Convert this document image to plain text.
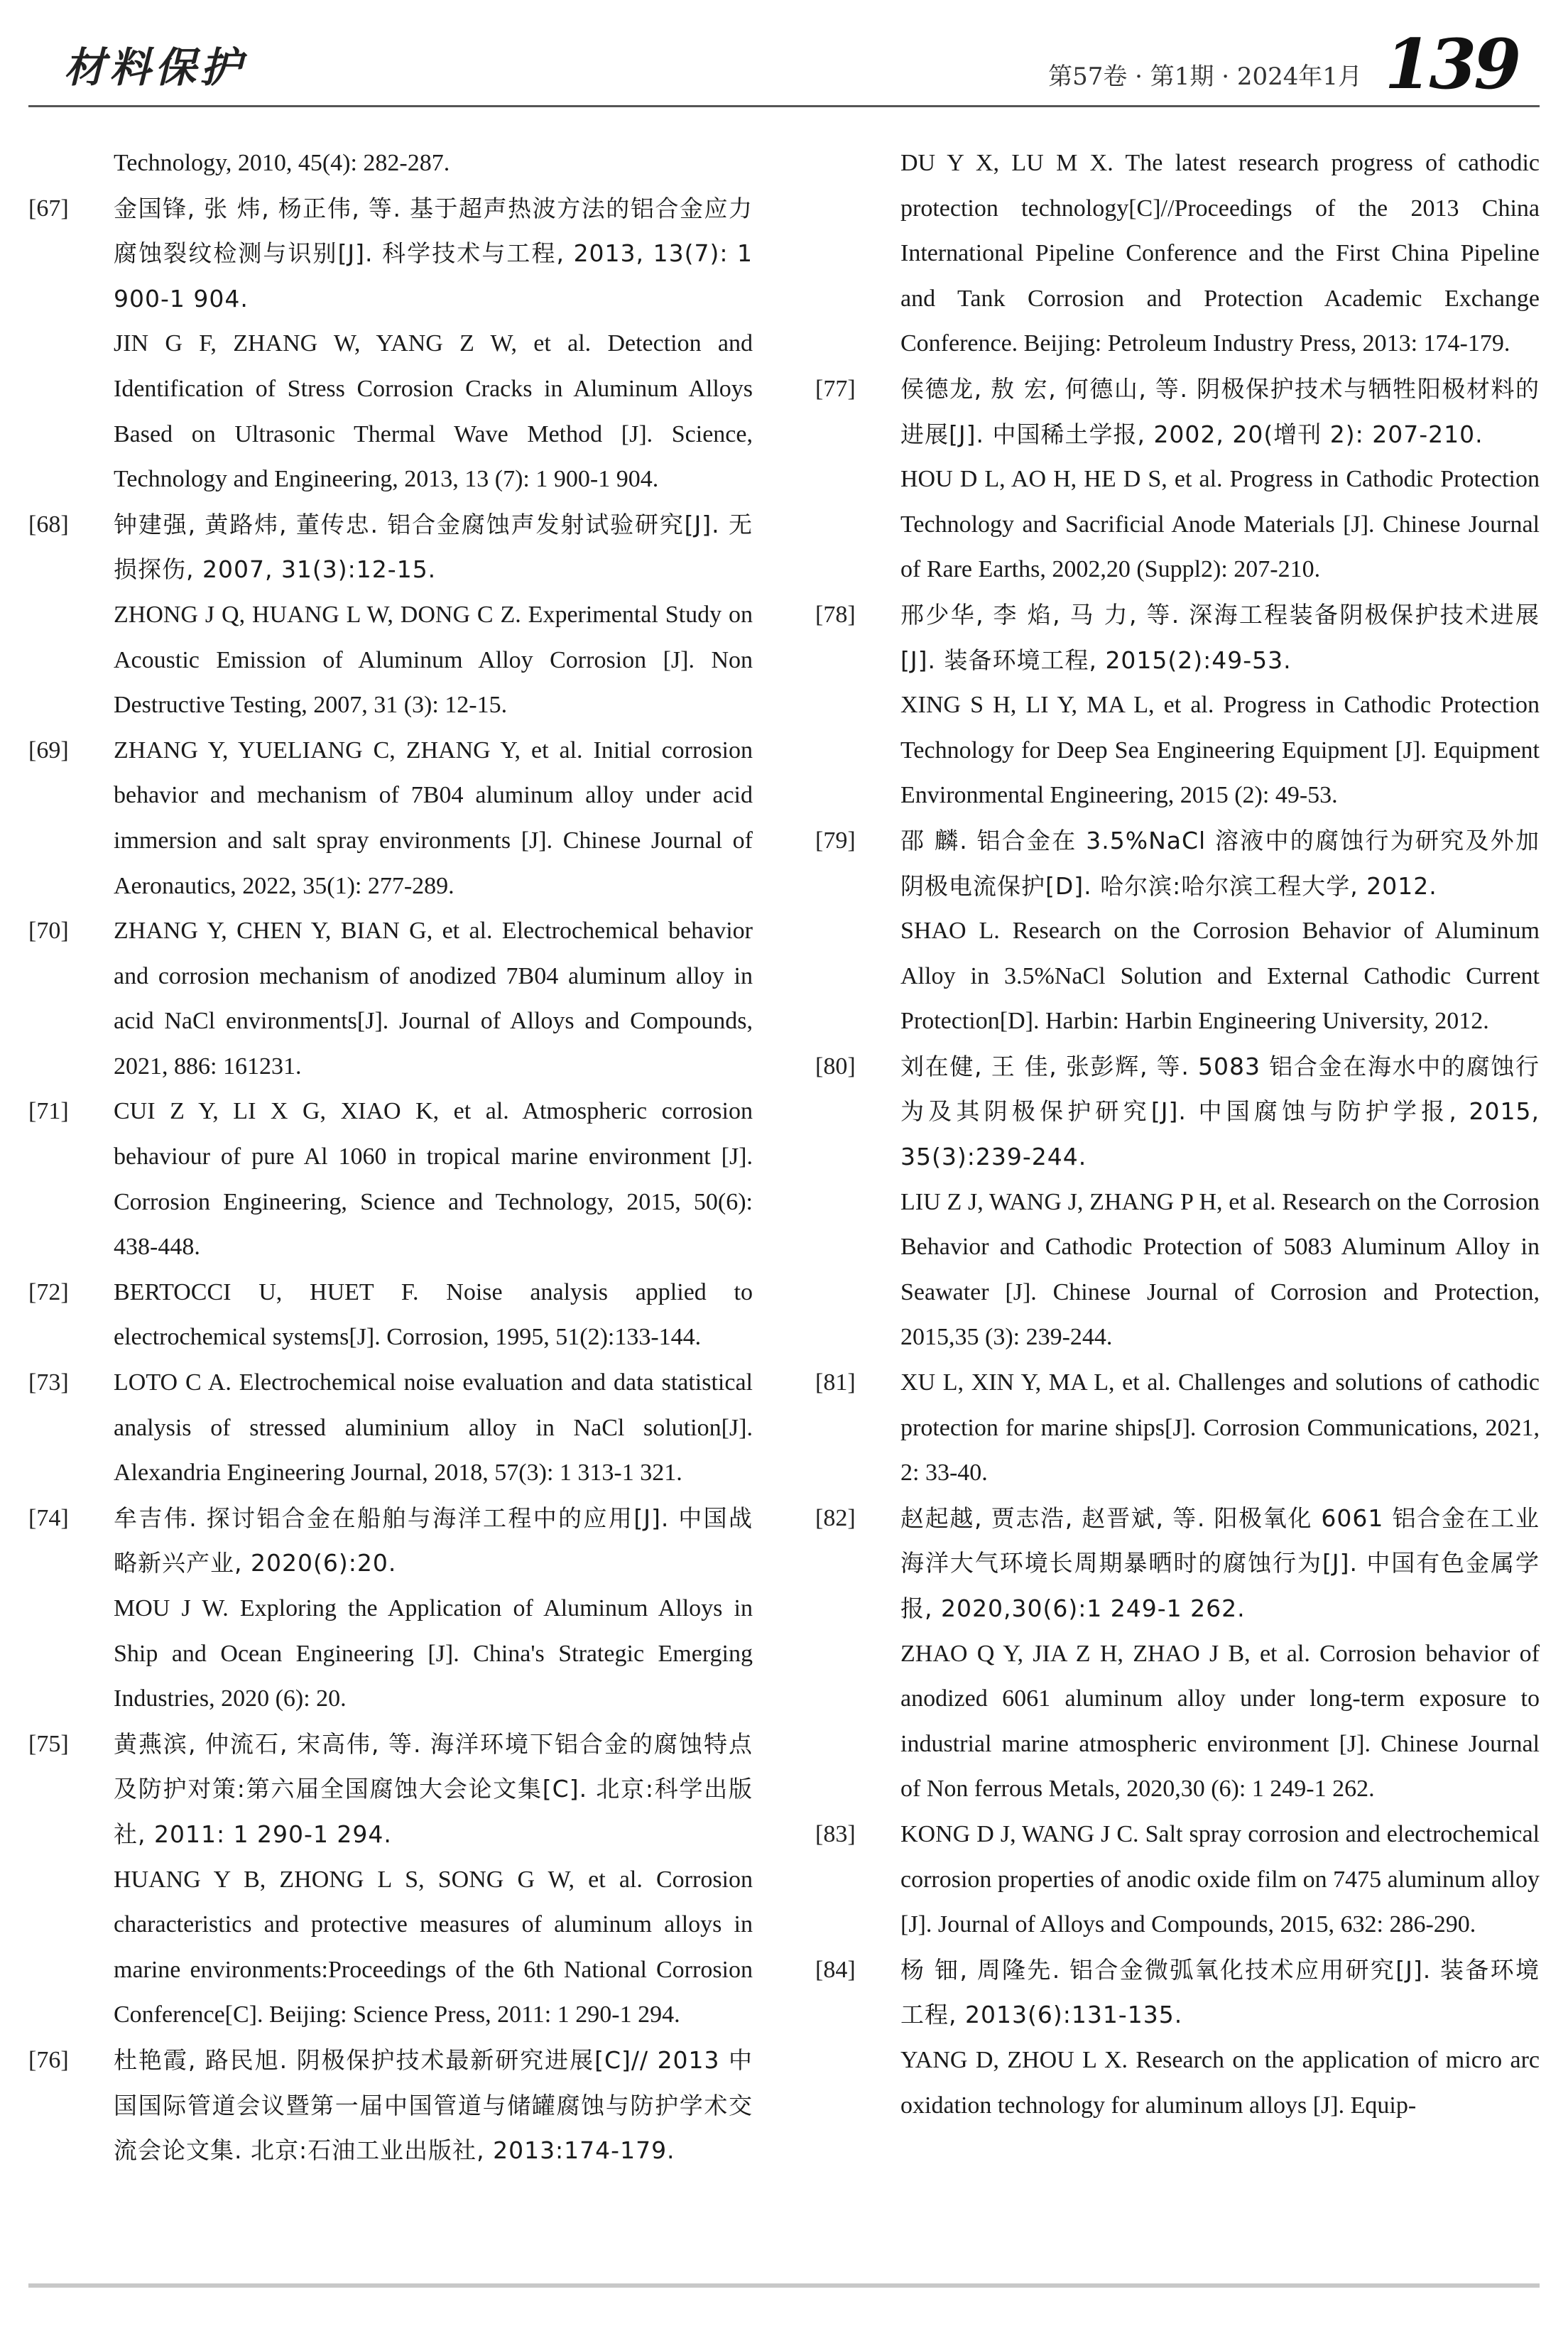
材料保护	第57卷 · 第1期 · 2024年1月 139
Technology, 2010, 45(4): 282-287.
[67] 金国锋, 张 炜, 杨正伟, 等. 基于超声热波方法的铝合金应力腐蚀裂纹检测与识别[J]. 科学技术与工程, 2013, 13(7): 1 900-1 904.
JIN G F, ZHANG W, YANG Z W, et al. Detection and Identification of Stress Corrosion Cracks in Aluminum Alloys Based on Ultrasonic Thermal Wave Method [J]. Science, Technology and Engineering, 2013, 13 (7): 1 900-1 904.
[68] 钟建强, 黄路炜, 董传忠. 铝合金腐蚀声发射试验研究[J]. 无损探伤, 2007, 31(3):12-15.
ZHONG J Q, HUANG L W, DONG C Z. Experimental Study on Acoustic Emission of Aluminum Alloy Corrosion [J]. Non Destructive Testing, 2007, 31 (3): 12-15.
[69] ZHANG Y, YUELIANG C, ZHANG Y, et al. Initial corrosion behavior and mechanism of 7B04 aluminum alloy under acid immersion and salt spray environments [J]. Chinese Journal of Aeronautics, 2022, 35(1): 277-289.
[70] ZHANG Y, CHEN Y, BIAN G, et al. Electrochemical behavior and corrosion mechanism of anodized 7B04 aluminum alloy in acid NaCl environments[J]. Journal of Alloys and Compounds, 2021, 886: 161231.
[71] CUI Z Y, LI X G, XIAO K, et al. Atmospheric corrosion behaviour of pure Al 1060 in tropical marine environment [J]. Corrosion Engineering, Science and Technology, 2015, 50(6): 438-448.
[72] BERTOCCI U, HUET F. Noise analysis applied to electrochemical systems[J]. Corrosion, 1995, 51(2):133-144.
[73] LOTO C A. Electrochemical noise evaluation and data statistical analysis of stressed aluminium alloy in NaCl solution[J]. Alexandria Engineering Journal, 2018, 57(3): 1 313-1 321.
[74] 牟吉伟. 探讨铝合金在船舶与海洋工程中的应用[J]. 中国战略新兴产业, 2020(6):20.
MOU J W. Exploring the Application of Aluminum Alloys in Ship and Ocean Engineering [J]. China's Strategic Emerging Industries, 2020 (6): 20.
[75] 黄燕滨, 仲流石, 宋高伟, 等. 海洋环境下铝合金的腐蚀特点及防护对策:第六届全国腐蚀大会论文集[C]. 北京:科学出版社, 2011: 1 290-1 294.
HUANG Y B, ZHONG L S, SONG G W, et al. Corrosion characteristics and protective measures of aluminum alloys in marine environments:Proceedings of the 6th National Corrosion Conference[C]. Beijing: Science Press, 2011: 1 290-1 294.
[76] 杜艳霞, 路民旭. 阴极保护技术最新研究进展[C]// 2013 中国国际管道会议暨第一届中国管道与储罐腐蚀与防护学术交流会论文集. 北京:石油工业出版社, 2013:174-179.
DU Y X, LU M X. The latest research progress of cathodic protection technology[C]//Proceedings of the 2013 China International Pipeline Conference and the First China Pipeline and Tank Corrosion and Protection Academic Exchange Conference. Beijing: Petroleum Industry Press, 2013: 174-179.
[77] 侯德龙, 敖 宏, 何德山, 等. 阴极保护技术与牺牲阳极材料的进展[J]. 中国稀土学报, 2002, 20(增刊 2): 207-210.
HOU D L, AO H, HE D S, et al. Progress in Cathodic Protection Technology and Sacrificial Anode Materials [J]. Chinese Journal of Rare Earths, 2002,20 (Suppl2): 207-210.
[78] 邢少华, 李 焰, 马 力, 等. 深海工程装备阴极保护技术进展[J]. 装备环境工程, 2015(2):49-53.
XING S H, LI Y, MA L, et al. Progress in Cathodic Protection Technology for Deep Sea Engineering Equipment [J]. Equipment Environmental Engineering, 2015 (2): 49-53.
[79] 邵 麟. 铝合金在 3.5%NaCl 溶液中的腐蚀行为研究及外加阴极电流保护[D]. 哈尔滨:哈尔滨工程大学, 2012.
SHAO L. Research on the Corrosion Behavior of Aluminum Alloy in 3.5%NaCl Solution and External Cathodic Current Protection[D]. Harbin: Harbin Engineering University, 2012.
[80] 刘在健, 王 佳, 张彭辉, 等. 5083 铝合金在海水中的腐蚀行为及其阴极保护研究[J]. 中国腐蚀与防护学报, 2015, 35(3):239-244.
LIU Z J, WANG J, ZHANG P H, et al. Research on the Corrosion Behavior and Cathodic Protection of 5083 Aluminum Alloy in Seawater [J]. Chinese Journal of Corrosion and Protection, 2015,35 (3): 239-244.
[81] XU L, XIN Y, MA L, et al. Challenges and solutions of cathodic protection for marine ships[J]. Corrosion Communications, 2021, 2: 33-40.
[82] 赵起越, 贾志浩, 赵晋斌, 等. 阳极氧化 6061 铝合金在工业海洋大气环境长周期暴晒时的腐蚀行为[J]. 中国有色金属学报, 2020,30(6):1 249-1 262.
ZHAO Q Y, JIA Z H, ZHAO J B, et al. Corrosion behavior of anodized 6061 aluminum alloy under long-term exposure to industrial marine atmospheric environment [J]. Chinese Journal of Non ferrous Metals, 2020,30 (6): 1 249-1 262.
[83] KONG D J, WANG J C. Salt spray corrosion and electrochemical corrosion properties of anodic oxide film on 7475 aluminum alloy [J]. Journal of Alloys and Compounds, 2015, 632: 286-290.
[84] 杨 钿, 周隆先. 铝合金微弧氧化技术应用研究[J]. 装备环境工程, 2013(6):131-135.
YANG D, ZHOU L X. Research on the application of micro arc oxidation technology for aluminum alloys [J]. Equip-
